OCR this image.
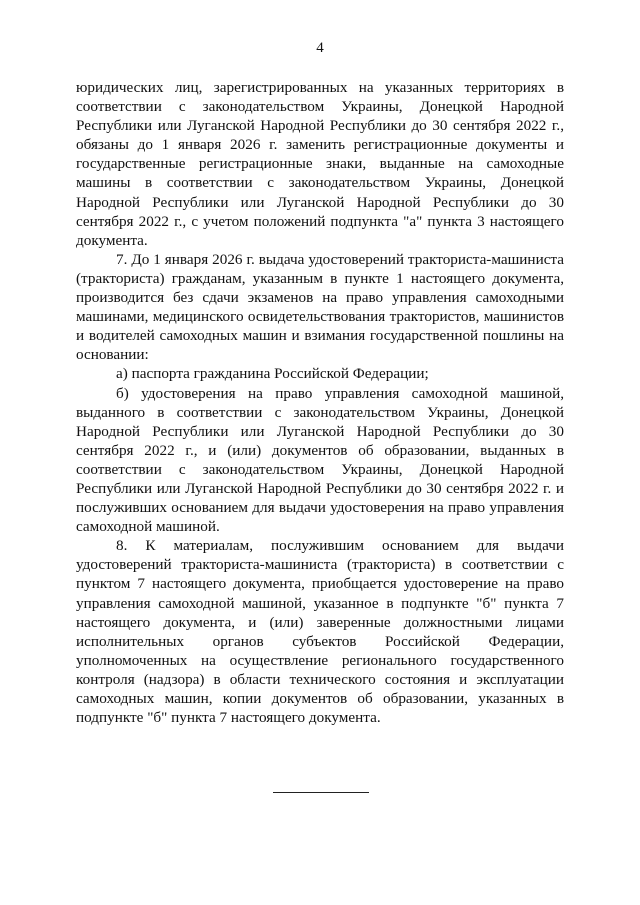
4

юридических лиц, зарегистрированных на указанных территориях в соответствии с законодательством Украины, Донецкой Народной Республики или Луганской Народной Республики до 30 сентября 2022 г., обязаны до 1 января 2026 г. заменить регистрационные документы и государственные регистрационные знаки, выданные на самоходные машины в соответствии с законодательством Украины, Донецкой Народной Республики или Луганской Народной Республики до 30 сентября 2022 г., с учетом положений подпункта "а" пункта 3 настоящего документа.

7. До 1 января 2026 г. выдача удостоверений тракториста-машиниста (тракториста) гражданам, указанным в пункте 1 настоящего документа, производится без сдачи экзаменов на право управления самоходными машинами, медицинского освидетельствования трактористов, машинистов и водителей самоходных машин и взимания государственной пошлины на основании:

а) паспорта гражданина Российской Федерации;

б) удостоверения на право управления самоходной машиной, выданного в соответствии с законодательством Украины, Донецкой Народной Республики или Луганской Народной Республики до 30 сентября 2022 г., и (или) документов об образовании, выданных в соответствии с законодательством Украины, Донецкой Народной Республики или Луганской Народной Республики до 30 сентября 2022 г. и послуживших основанием для выдачи удостоверения на право управления самоходной машиной.

8. К материалам, послужившим основанием для выдачи удостоверений тракториста-машиниста (тракториста) в соответствии с пунктом 7 настоящего документа, приобщается удостоверение на право управления самоходной машиной, указанное в подпункте "б" пункта 7 настоящего документа, и (или) заверенные должностными лицами исполнительных органов субъектов Российской Федерации, уполномоченных на осуществление регионального государственного контроля (надзора) в области технического состояния и эксплуатации самоходных машин, копии документов об образовании, указанных в подпункте "б" пункта 7 настоящего документа.
